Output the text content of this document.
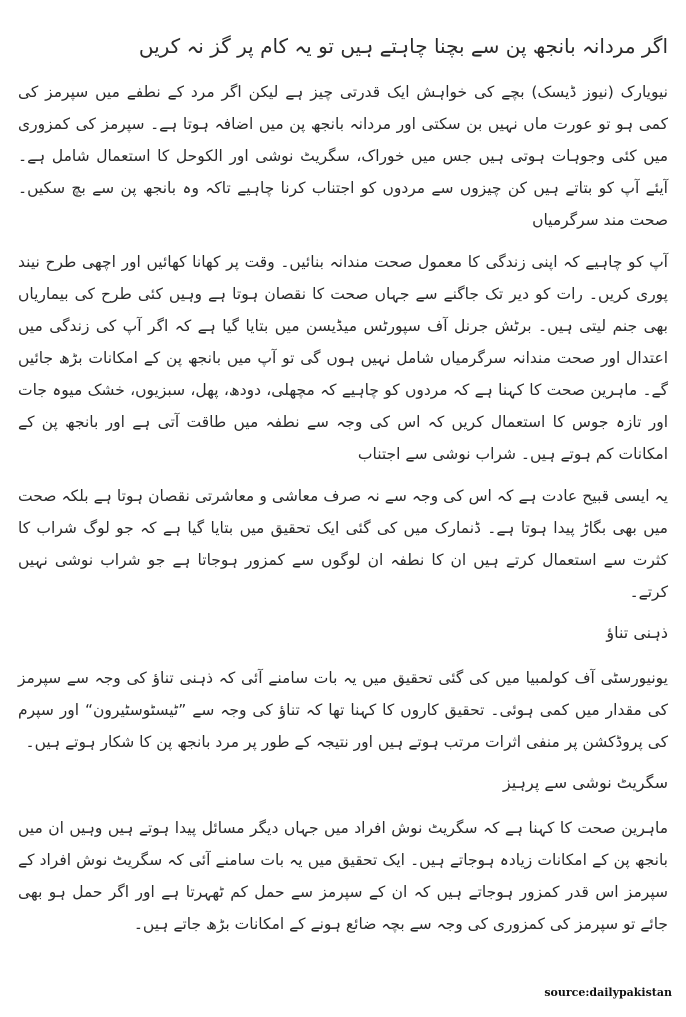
اگر مردانہ بانجھ پن سے بچنا چاہتے ہیں تو یہ کام پر گز نہ کریں

نیویارک (نیوز ڈیسک) بچے کی خواہش ایک قدرتی چیز ہے لیکن اگر مرد کے نطفے میں سپرمز کی کمی ہو تو عورت ماں نہیں بن سکتی اور مردانہ بانجھ پن میں اضافہ ہوتا ہے۔ سپرمز کی کمزوری میں کئی وجوہات ہوتی ہیں جس میں خوراک، سگریٹ نوشی اور الکوحل کا استعمال شامل ہے۔ آیئے آپ کو بتاتے ہیں کن چیزوں سے مردوں کو اجتناب کرنا چاہیے تاکہ وہ بانجھ پن سے بچ سکیں۔ صحت مند سرگرمیاں

آپ کو چاہیے کہ اپنی زندگی کا معمول صحت مندانہ بنائیں۔ وقت پر کھانا کھائیں اور اچھی طرح نیند پوری کریں۔ رات کو دیر تک جاگنے سے جہاں صحت کا نقصان ہوتا ہے وہیں کئی طرح کی بیماریاں بھی جنم لیتی ہیں۔ برٹش جرنل آف سپورٹس میڈیسن میں بتایا گیا ہے کہ اگر آپ کی زندگی میں اعتدال اور صحت مندانہ سرگرمیاں شامل نہیں ہوں گی تو آپ میں بانجھ پن کے امکانات بڑھ جائیں گے۔ ماہرین صحت کا کہنا ہے کہ مردوں کو چاہیے کہ مچھلی، دودھ، پھل، سبزیوں، خشک میوہ جات اور تازہ جوس کا استعمال کریں کہ اس کی وجہ سے نطفہ میں طاقت آتی ہے اور بانجھ پن کے امکانات کم ہوتے ہیں۔ شراب نوشی سے اجتناب

یہ ایسی قبیح عادت ہے کہ اس کی وجہ سے نہ صرف معاشی و معاشرتی نقصان ہوتا ہے بلکہ صحت میں بھی بگاڑ پیدا ہوتا ہے۔ ڈنمارک میں کی گئی ایک تحقیق میں بتایا گیا ہے کہ جو لوگ شراب کا کثرت سے استعمال کرتے ہیں ان کا نطفہ ان لوگوں سے کمزور ہوجاتا ہے جو شراب نوشی نہیں کرتے۔

ذہنی تناؤ

یونیورسٹی آف کولمبیا میں کی گئی تحقیق میں یہ بات سامنے آئی کہ ذہنی تناؤ کی وجہ سے سپرمز کی مقدار میں کمی ہوئی۔ تحقیق کاروں کا کہنا تھا کہ تناؤ کی وجہ سے ”ٹیسٹوسٹیرون“ اور سپرم کی پروڈکشن پر منفی اثرات مرتب ہوتے ہیں اور نتیجہ کے طور پر مرد بانجھ پن کا شکار ہوتے ہیں۔

سگریٹ نوشی سے پرہیز

ماہرین صحت کا کہنا ہے کہ سگریٹ نوش افراد میں جہاں دیگر مسائل پیدا ہوتے ہیں وہیں ان میں بانجھ پن کے امکانات زیادہ ہوجاتے ہیں۔ ایک تحقیق میں یہ بات سامنے آئی کہ سگریٹ نوش افراد کے سپرمز اس قدر کمزور ہوجاتے ہیں کہ ان کے سپرمز سے حمل کم ٹھہرتا ہے اور اگر حمل ہو بھی جائے تو سپرمز کی کمزوری کی وجہ سے بچہ ضائع ہونے کے امکانات بڑھ جاتے ہیں۔

source:dailypakistan
